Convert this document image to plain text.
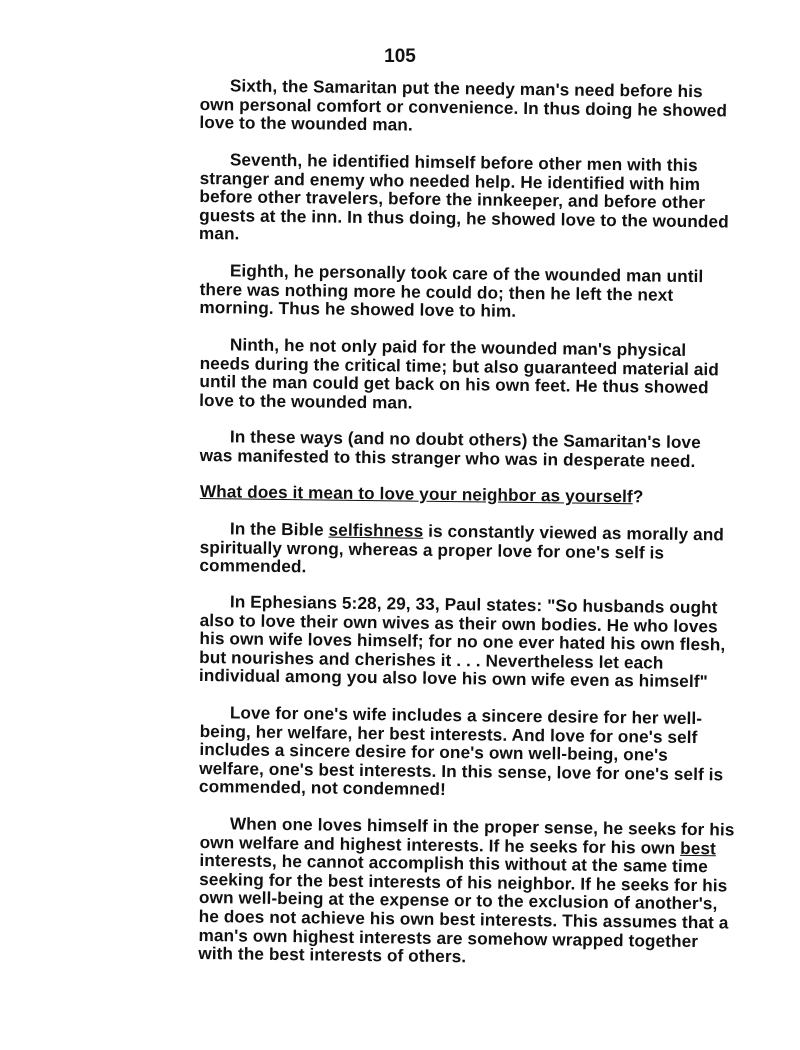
105

Sixth, the Samaritan put the needy man's need before his own personal comfort or convenience. In thus doing he showed love to the wounded man.

Seventh, he identified himself before other men with this stranger and enemy who needed help. He identified with him before other travelers, before the innkeeper, and before other guests at the inn. In thus doing, he showed love to the wounded man.

Eighth, he personally took care of the wounded man until there was nothing more he could do; then he left the next morning. Thus he showed love to him.

Ninth, he not only paid for the wounded man's physical needs during the critical time; but also guaranteed material aid until the man could get back on his own feet. He thus showed love to the wounded man.

In these ways (and no doubt others) the Samaritan's love was manifested to this stranger who was in desperate need.

What does it mean to love your neighbor as yourself?

In the Bible selfishness is constantly viewed as morally and spiritually wrong, whereas a proper love for one's self is commended.

In Ephesians 5:28, 29, 33, Paul states: "So husbands ought also to love their own wives as their own bodies. He who loves his own wife loves himself; for no one ever hated his own flesh, but nourishes and cherishes it . . . Nevertheless let each individual among you also love his own wife even as himself"

Love for one's wife includes a sincere desire for her well-being, her welfare, her best interests. And love for one's self includes a sincere desire for one's own well-being, one's welfare, one's best interests. In this sense, love for one's self is commended, not condemned!

When one loves himself in the proper sense, he seeks for his own welfare and highest interests. If he seeks for his own best interests, he cannot accomplish this without at the same time seeking for the best interests of his neighbor. If he seeks for his own well-being at the expense or to the exclusion of another's, he does not achieve his own best interests. This assumes that a man's own highest interests are somehow wrapped together with the best interests of others.
